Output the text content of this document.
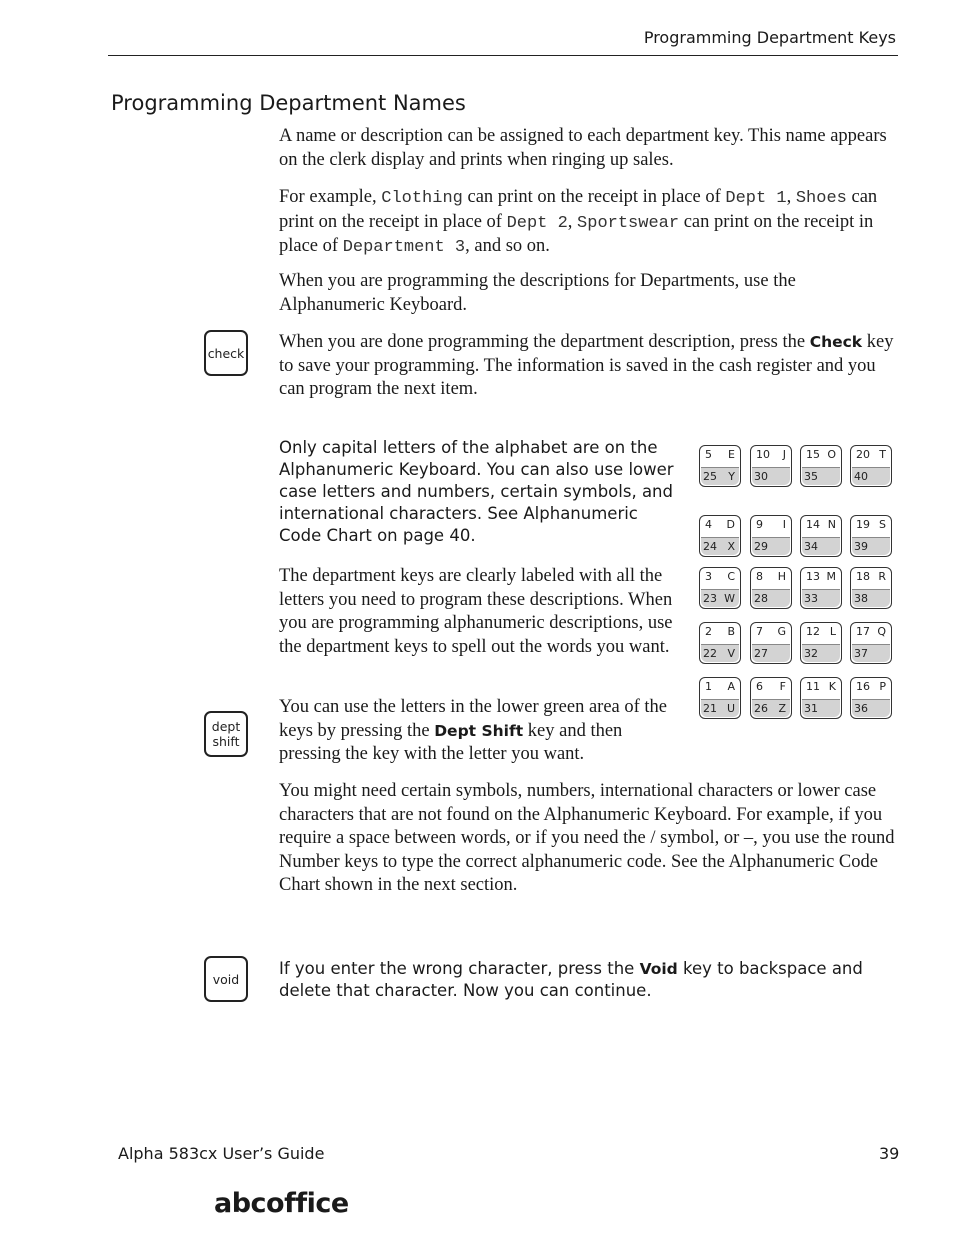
Programming Department Keys
Programming Department Names

A name or description can be assigned to each department key. This name appears on the clerk display and prints when ringing up sales.

For example, Clothing can print on the receipt in place of Dept 1, Shoes can print on the receipt in place of Dept 2, Sportswear can print on the receipt in place of Department 3, and so on.

When you are programming the descriptions for Departments, use the Alphanumeric Keyboard.

check

When you are done programming the department description, press the Check key to save your programming. The information is saved in the cash register and you can program the next item.

Only capital letters of the alphabet are on the Alphanumeric Keyboard. You can also use lower case letters and numbers, certain symbols, and international characters. See Alphanumeric Code Chart on page 40.

The department keys are clearly labeled with all the letters you need to program these descriptions. When you are programming alphanumeric descriptions, use the department keys to spell out the words you want.

dept
shift

You can use the letters in the lower green area of the keys by pressing the Dept Shift key and then pressing the key with the letter you want.

5 E
25 Y
10 J
30
15 O
35
20 T
40
4 D
24 X
9 I
29
14 N
34
19 S
39
3 C
23 W
8 H
28
13 M
33
18 R
38
2 B
22 V
7 G
27
12 L
32
17 Q
37
1 A
21 U
6 F
26 Z
11 K
31
16 P
36

You might need certain symbols, numbers, international characters or lower case characters that are not found on the Alphanumeric Keyboard. For example, if you require a space between words, or if you need the / symbol, or –, you use the round Number keys to type the correct alphanumeric code. See the Alphanumeric Code Chart shown in the next section.

void

If you enter the wrong character, press the Void key to backspace and delete that character. Now you can continue.

Alpha 583cx User’s Guide	39
abcoffice
